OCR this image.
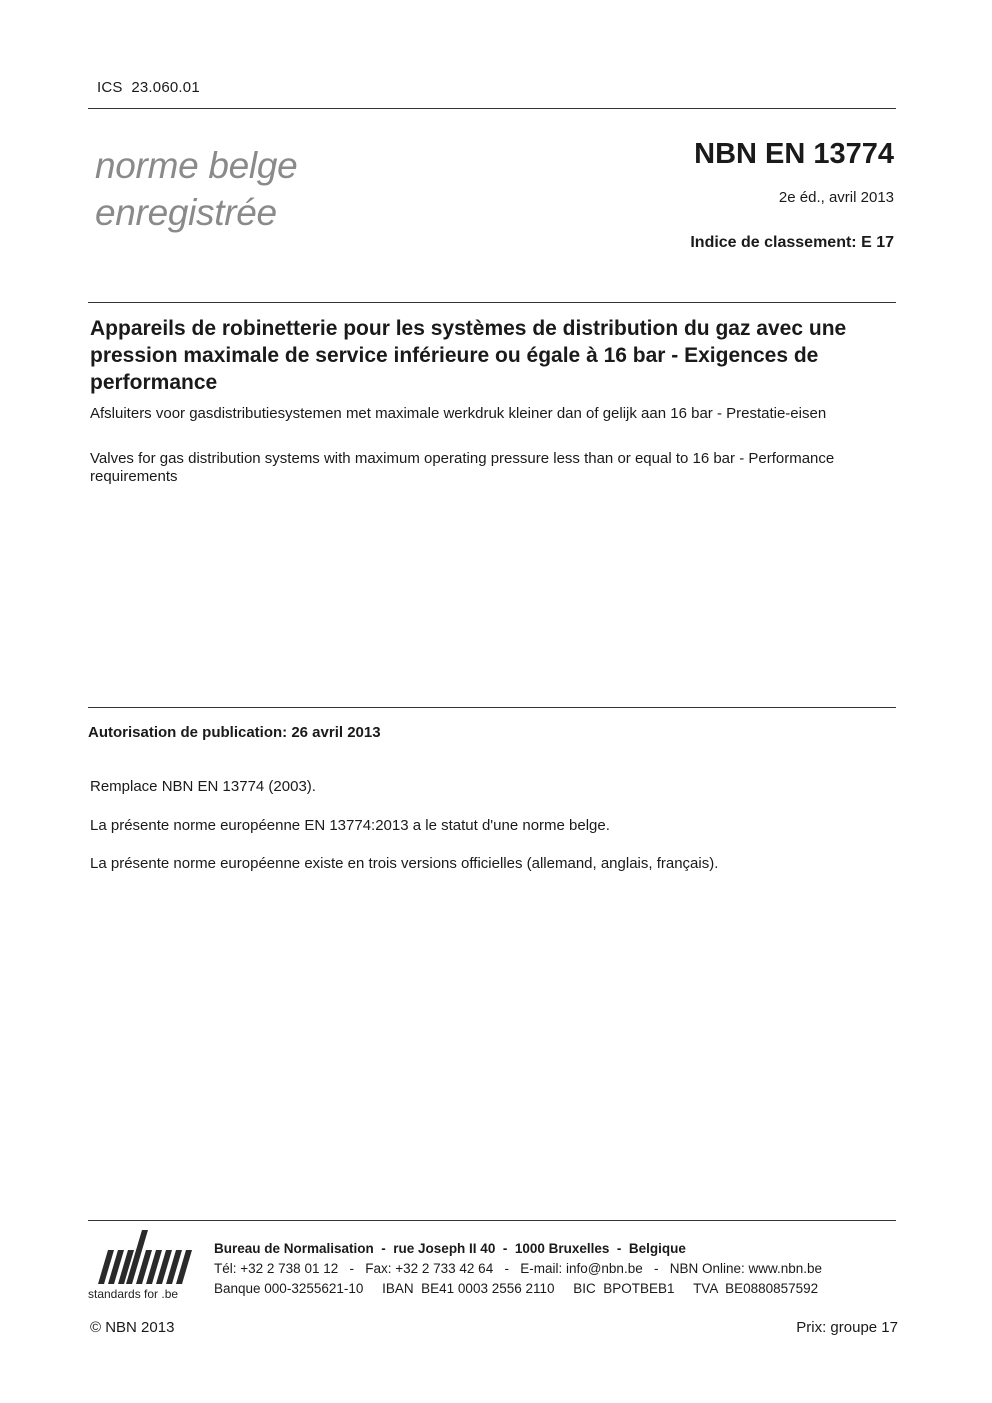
ICS  23.060.01
norme belge
enregistrée
NBN EN 13774
2e éd., avril 2013
Indice de classement: E 17
Appareils de robinetterie pour les systèmes de distribution du gaz avec une pression maximale de service inférieure ou égale à 16 bar - Exigences de performance
Afsluiters voor gasdistributiesystemen met maximale werkdruk kleiner dan of gelijk aan 16 bar - Prestatie-eisen
Valves for gas distribution systems with maximum operating pressure less than or equal to 16 bar - Performance requirements
Autorisation de publication: 26 avril 2013
Remplace NBN EN 13774 (2003).
La présente norme européenne EN 13774:2013 a le statut d'une norme belge.
La présente norme européenne existe en trois versions officielles (allemand, anglais, français).
standards for .be
Bureau de Normalisation  -  rue Joseph II 40  -  1000 Bruxelles  -  Belgique
Tél: +32 2 738 01 12   -   Fax: +32 2 733 42 64   -   E-mail: info@nbn.be   -   NBN Online: www.nbn.be
Banque 000-3255621-10     IBAN  BE41 0003 2556 2110     BIC  BPOTBEB1     TVA  BE0880857592
© NBN 2013	Prix: groupe 17
